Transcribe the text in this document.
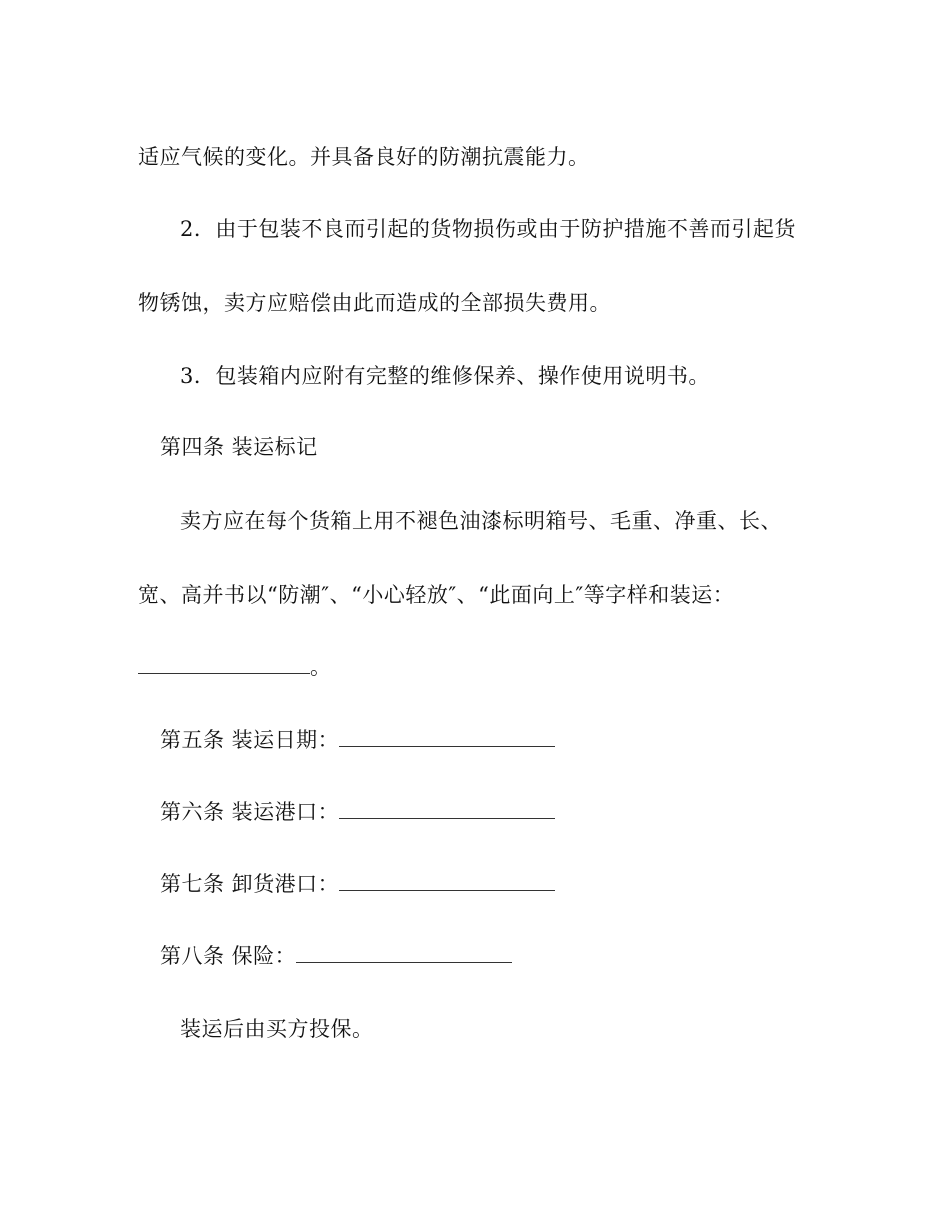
适应气候的变化。并具备良好的防潮抗震能力。
2．由于包装不良而引起的货物损伤或由于防护措施不善而引起货
物锈蚀，卖方应赔偿由此而造成的全部损失费用。
3．包装箱内应附有完整的维修保养、操作使用说明书。
第四条 装运标记
卖方应在每个货箱上用不褪色油漆标明箱号、毛重、净重、长、
宽、高并书以“防潮″、“小心轻放″、“此面向上″等字样和装运：
。
第五条 装运日期：
第六条 装运港口：
第七条 卸货港口：
第八条 保险：
装运后由买方投保。
